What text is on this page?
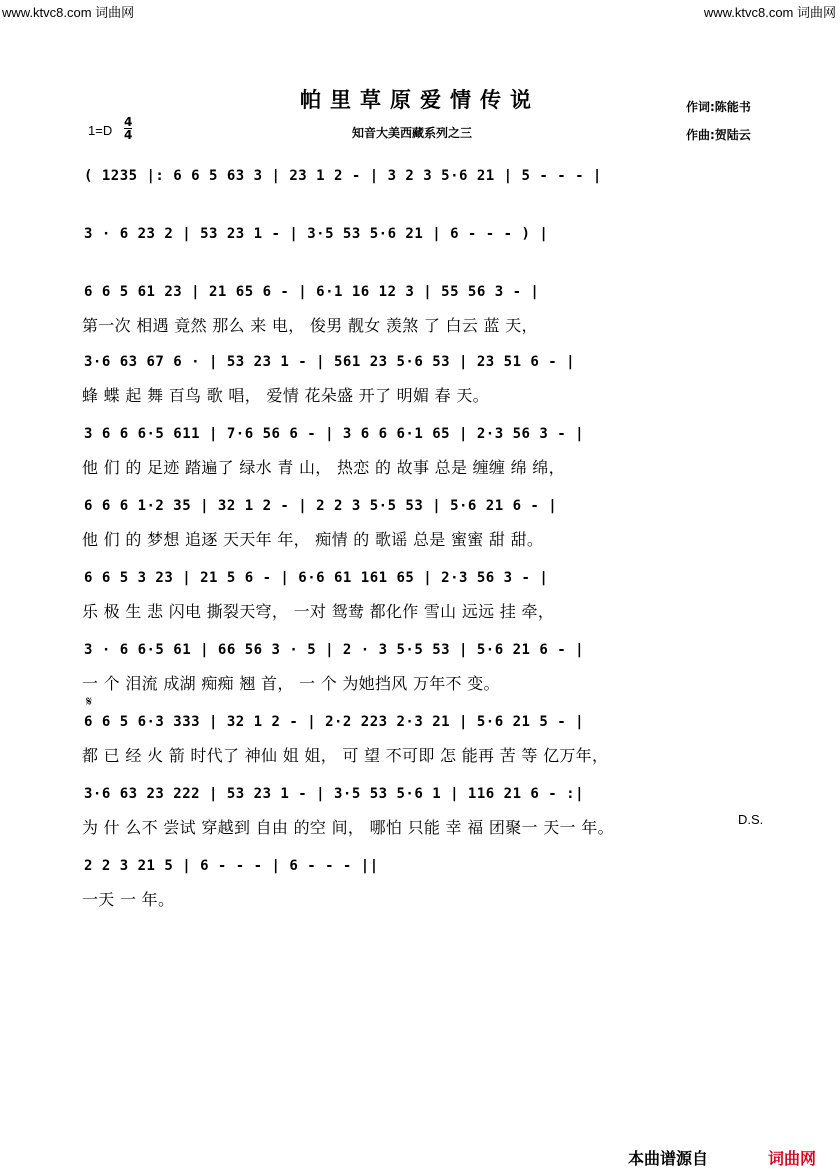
www.ktvc8.com 词曲网	www.ktvc8.com 词曲网
帕里草原爱情传说	作词:陈能书
知音大美西藏系列之三	作曲:贺陆云
$1=D \frac{4}{4}$
( 1235 |: 6 6 5 63 3 | 23 1 2 - | 3 2 3 5·6 21 | 5 - - - |
3 · 6 23 2 | 53 23 1 - | 3·5 53 5·6 21 | 6 - - - ) |
6 6 5 61 23 | 21 65 6 - | 6·1 16 12 3 | 55 56 3 - |
第一次 相遇 竟然 那么 来 电， 俊男 靓女 羡煞 了 白云 蓝 天，
3·6 63 67 6 · | 53 23 1 - | 561 23 5·6 53 | 23 51 6 - |
蜂 蝶 起 舞 百鸟 歌 唱， 爱情 花朵盛 开了 明媚 春 天。
3 6 6 6·5 611 | 7·6 56 6 - | 3 6 6 6·1 65 | 2·3 56 3 - |
他 们 的 足迹 踏遍了 绿水 青 山， 热恋 的 故事 总是 缠缠 绵 绵，
6 6 6 1·2 35 | 32 1 2 - | 2 2 3 5·5 53 | 5·6 21 6 - |
他 们 的 梦想 追逐 天天年 年， 痴情 的 歌谣 总是 蜜蜜 甜 甜。
6 6 5 3 23 | 21 5 6 - | 6·6 61 161 65 | 2·3 56 3 - |
乐 极 生 悲 闪电 撕裂天穹， 一对 鸳鸯 都化作 雪山 远远 挂 牵，
3 · 6 6·5 61 | 66 56 3 · 5 | 2 · 3 5·5 53 | 5·6 21 6 - |
一 个 泪流 成湖 痴痴 翘 首， 一 个 为她挡风 万年不 变。
𝄋
6 6 5 6·3 333 | 32 1 2 - | 2·2 223 2·3 21 | 5·6 21 5 - |
都 已 经 火 箭 时代了 神仙 姐 姐， 可 望 不可即 怎 能再 苦 等 亿万年，
3·6 63 23 222 | 53 23 1 - | 3·5 53 5·6 1 | 116 21 6 - :|
为 什 么不 尝试 穿越到 自由 的空 间， 哪怕 只能 幸 福 团聚一 天一 年。	D.S.
2 2 3 21 5 | 6 - - - | 6 - - - ||
一天 一 年。
本曲谱源自	词曲网
